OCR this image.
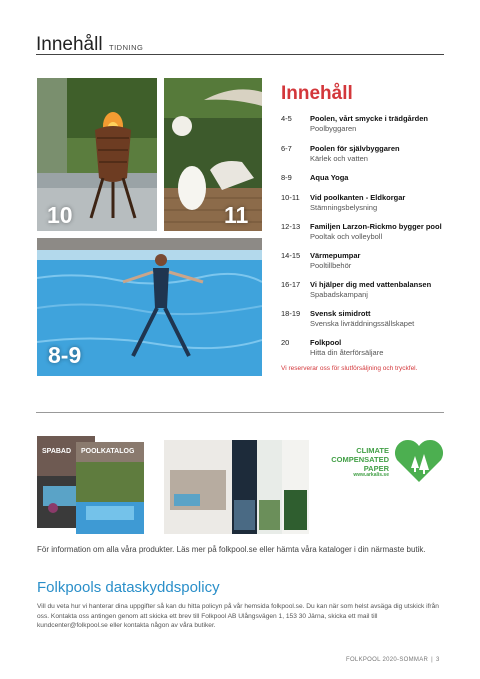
Innehåll TIDNING
10	11
8-9
Innehåll
4-5 Poolen, vårt smycke i trädgården
Poolbyggaren
6-7 Poolen för självbyggaren
Kärlek och vatten
8-9 Aqua Yoga
10-11 Vid poolkanten - Eldkorgar
Stämningsbelysning
12-13 Familjen Larzon-Rickmo bygger pool
Pooltak och volleyboll
14-15 Värmepumpar
Pooltillbehör
16-17 Vi hjälper dig med vattenbalansen
Spabadskampanj
18-19 Svensk simidrott
Svenska livräddningssällskapet
20	Folkpool
Hitta din återförsäljare
Vi reserverar oss för slutförsäljning och tryckfel.
SPABAD POOLKATALOG	CLIMATE
COMPENSATED
PAPER
www.arkalis.se
För information om alla våra produkter. Läs mer på folkpool.se eller hämta våra kataloger i din närmaste butik.
Folkpools dataskyddspolicy
Vill du veta hur vi hanterar dina uppgifter så kan du hitta policyn på vår hemsida folkpool.se. Du kan när som helst avsäga dig utskick ifrån oss. Kontakta oss antingen genom att skicka ett brev till Folkpool AB Ulångsvägen 1, 153 30 Järna, skicka ett mail till kundcenter@folkpool.se eller kontakta någon av våra butiker.
FOLKPOOL 2020-SOMMAR | 3
